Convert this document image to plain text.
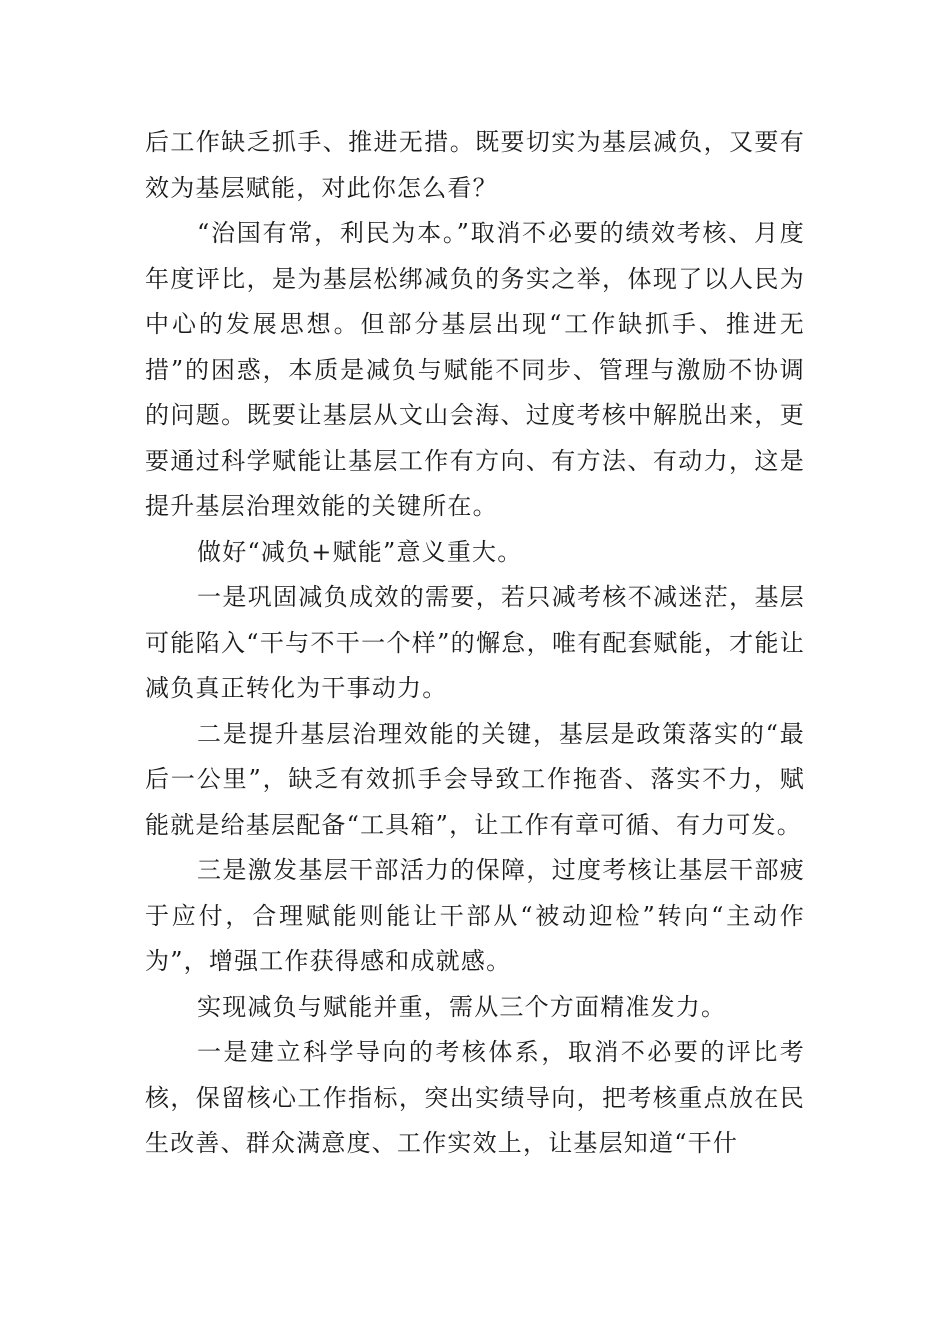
后工作缺乏抓手、推进无措。既要切实为基层减负，又要有效为基层赋能，对此你怎么看？

“治国有常，利民为本。”取消不必要的绩效考核、月度年度评比，是为基层松绑减负的务实之举，体现了以人民为中心的发展思想。但部分基层出现“工作缺抓手、推进无措”的困惑，本质是减负与赋能不同步、管理与激励不协调的问题。既要让基层从文山会海、过度考核中解脱出来，更要通过科学赋能让基层工作有方向、有方法、有动力，这是提升基层治理效能的关键所在。

做好“减负+赋能”意义重大。

一是巩固减负成效的需要，若只减考核不减迷茫，基层可能陷入“干与不干一个样”的懈怠，唯有配套赋能，才能让减负真正转化为干事动力。

二是提升基层治理效能的关键，基层是政策落实的“最后一公里”，缺乏有效抓手会导致工作拖沓、落实不力，赋能就是给基层配备“工具箱”，让工作有章可循、有力可发。

三是激发基层干部活力的保障，过度考核让基层干部疲于应付，合理赋能则能让干部从“被动迎检”转向“主动作为”，增强工作获得感和成就感。

实现减负与赋能并重，需从三个方面精准发力。

一是建立科学导向的考核体系，取消不必要的评比考核，保留核心工作指标，突出实绩导向，把考核重点放在民生改善、群众满意度、工作实效上，让基层知道“干什
